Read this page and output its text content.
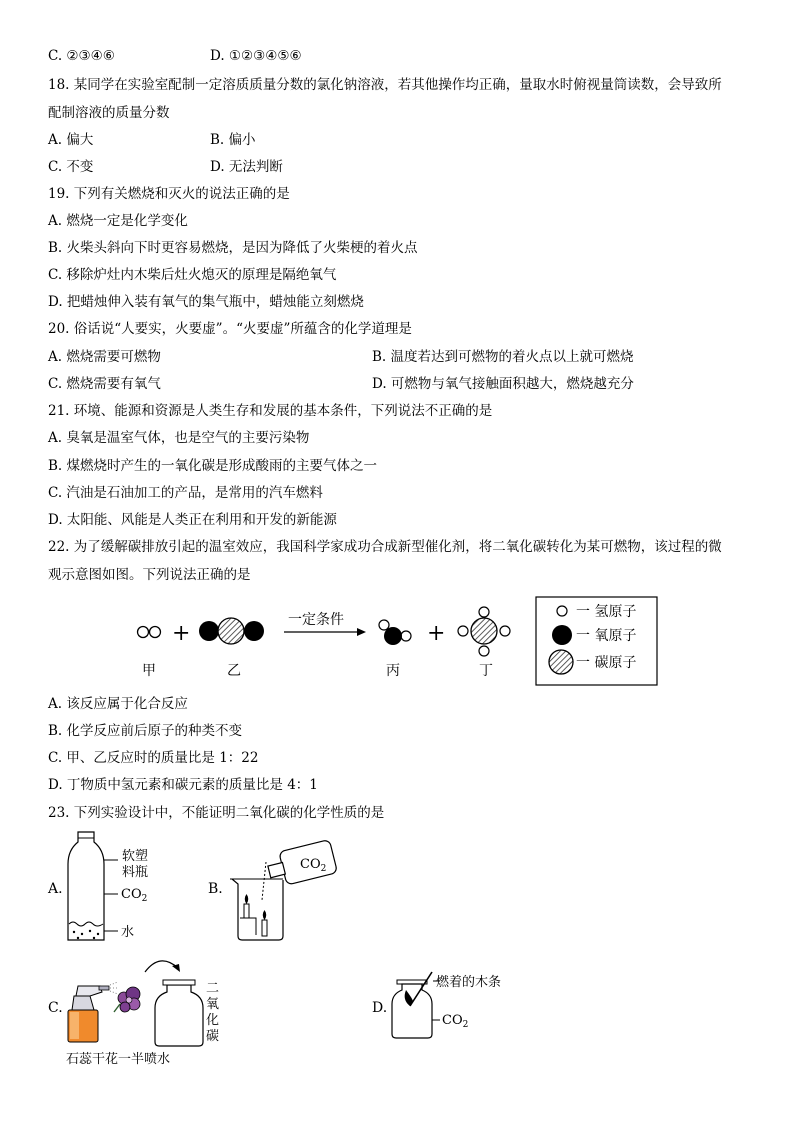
C. ②③④⑥	D. ①②③④⑤⑥
18. 某同学在实验室配制一定溶质质量分数的氯化钠溶液，若其他操作均正确，量取水时俯视量筒读数，会导致所
配制溶液的质量分数
A. 偏大	B. 偏小
C. 不变	D. 无法判断
19. 下列有关燃烧和灭火的说法正确的是
A. 燃烧一定是化学变化
B. 火柴头斜向下时更容易燃烧，是因为降低了火柴梗的着火点
C. 移除炉灶内木柴后灶火熄灭的原理是隔绝氧气
D. 把蜡烛伸入装有氧气的集气瓶中，蜡烛能立刻燃烧
20. 俗话说“人要实，火要虚”。“火要虚”所蕴含的化学道理是
A. 燃烧需要可燃物	B. 温度若达到可燃物的着火点以上就可燃烧
C. 燃烧需要有氧气	D. 可燃物与氧气接触面积越大，燃烧越充分
21. 环境、能源和资源是人类生存和发展的基本条件，下列说法不正确的是
A. 臭氧是温室气体，也是空气的主要污染物
B. 煤燃烧时产生的一氧化碳是形成酸雨的主要气体之一
C. 汽油是石油加工的产品，是常用的汽车燃料
D. 太阳能、风能是人类正在利用和开发的新能源
22. 为了缓解碳排放引起的温室效应，我国科学家成功合成新型催化剂，将二氧化碳转化为某可燃物，该过程的微
观示意图如图。下列说法正确的是
+
一定条件
+
甲	乙	丙	丁
一 氢原子
一 氧原子
一 碳原子
A. 该反应属于化合反应
B. 化学反应前后原子的种类不变
C. 甲、乙反应时的质量比是 1：22
D. 丁物质中氢元素和碳元素的质量比是 4：1
23. 下列实验设计中，不能证明二氧化碳的化学性质的是
A.
软塑
料瓶
$CO_2$
水
B.
$CO_2$
C.
二
氧
化
碳
石蕊干花一半喷水
D.
燃着的木条
$CO_2$
